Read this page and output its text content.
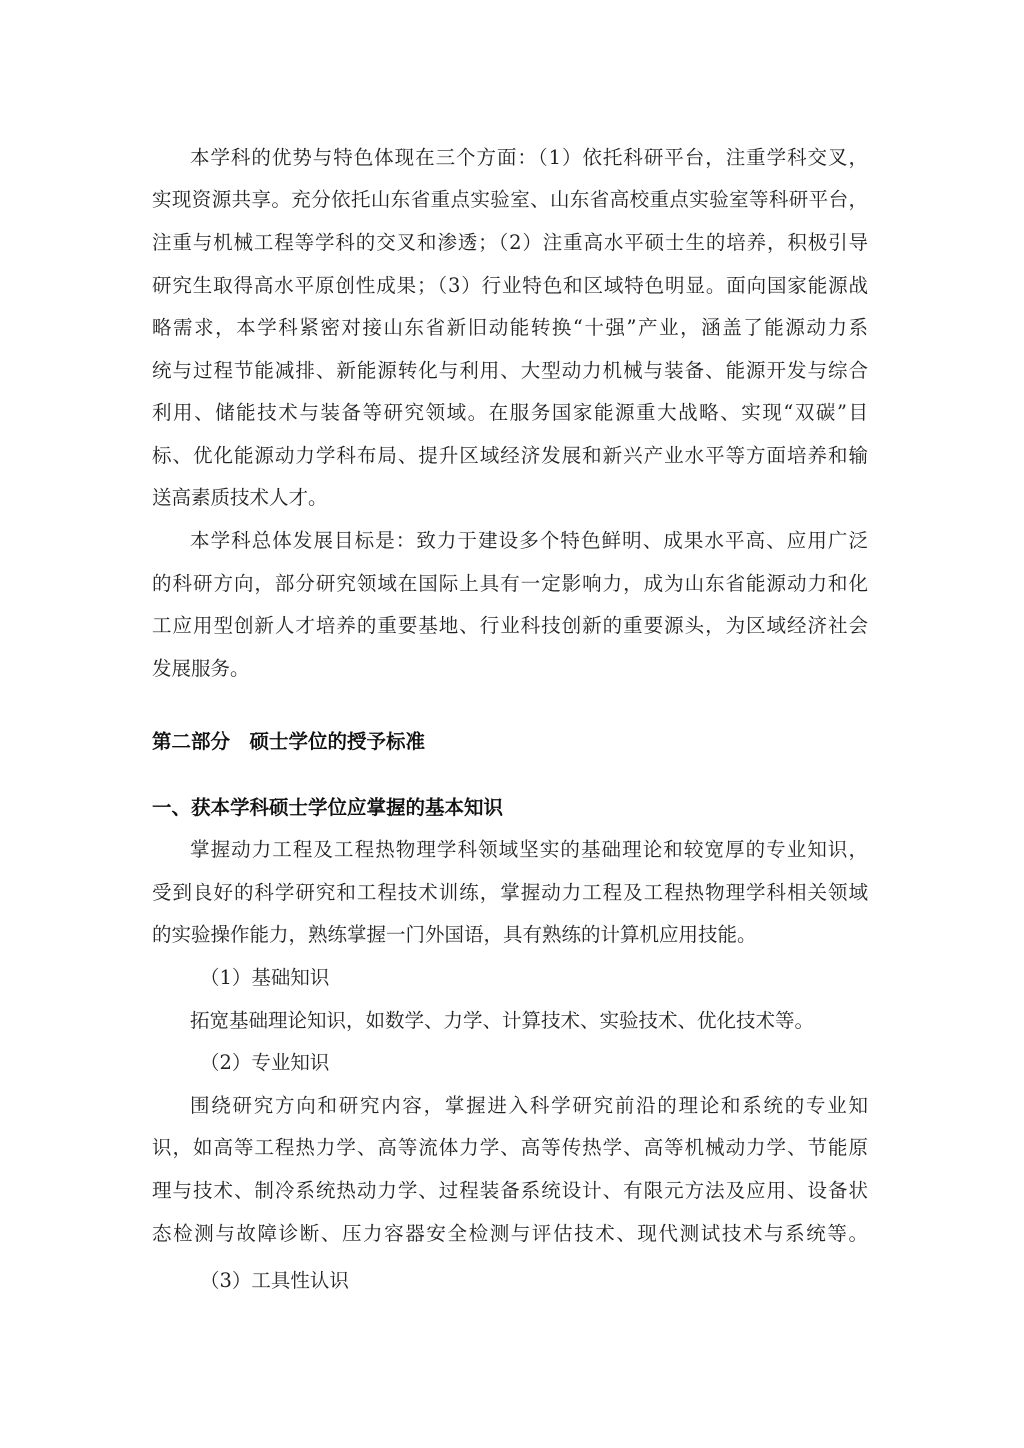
本学科的优势与特色体现在三个方面：（1）依托科研平台，注重学科交叉，
实现资源共享。充分依托山东省重点实验室、山东省高校重点实验室等科研平台，
注重与机械工程等学科的交叉和渗透；（2）注重高水平硕士生的培养，积极引导
研究生取得高水平原创性成果；（3）行业特色和区域特色明显。面向国家能源战
略需求，本学科紧密对接山东省新旧动能转换“十强”产业，涵盖了能源动力系
统与过程节能减排、新能源转化与利用、大型动力机械与装备、能源开发与综合
利用、储能技术与装备等研究领域。在服务国家能源重大战略、实现“双碳”目
标、优化能源动力学科布局、提升区域经济发展和新兴产业水平等方面培养和输
送高素质技术人才。
本学科总体发展目标是：致力于建设多个特色鲜明、成果水平高、应用广泛
的科研方向，部分研究领域在国际上具有一定影响力，成为山东省能源动力和化
工应用型创新人才培养的重要基地、行业科技创新的重要源头，为区域经济社会
发展服务。
第二部分　硕士学位的授予标准
一、获本学科硕士学位应掌握的基本知识
掌握动力工程及工程热物理学科领域坚实的基础理论和较宽厚的专业知识，
受到良好的科学研究和工程技术训练，掌握动力工程及工程热物理学科相关领域
的实验操作能力，熟练掌握一门外国语，具有熟练的计算机应用技能。
（1）基础知识
拓宽基础理论知识，如数学、力学、计算技术、实验技术、优化技术等。
（2）专业知识
围绕研究方向和研究内容，掌握进入科学研究前沿的理论和系统的专业知
识，如高等工程热力学、高等流体力学、高等传热学、高等机械动力学、节能原
理与技术、制冷系统热动力学、过程装备系统设计、有限元方法及应用、设备状
态检测与故障诊断、压力容器安全检测与评估技术、现代测试技术与系统等。
（3）工具性认识
